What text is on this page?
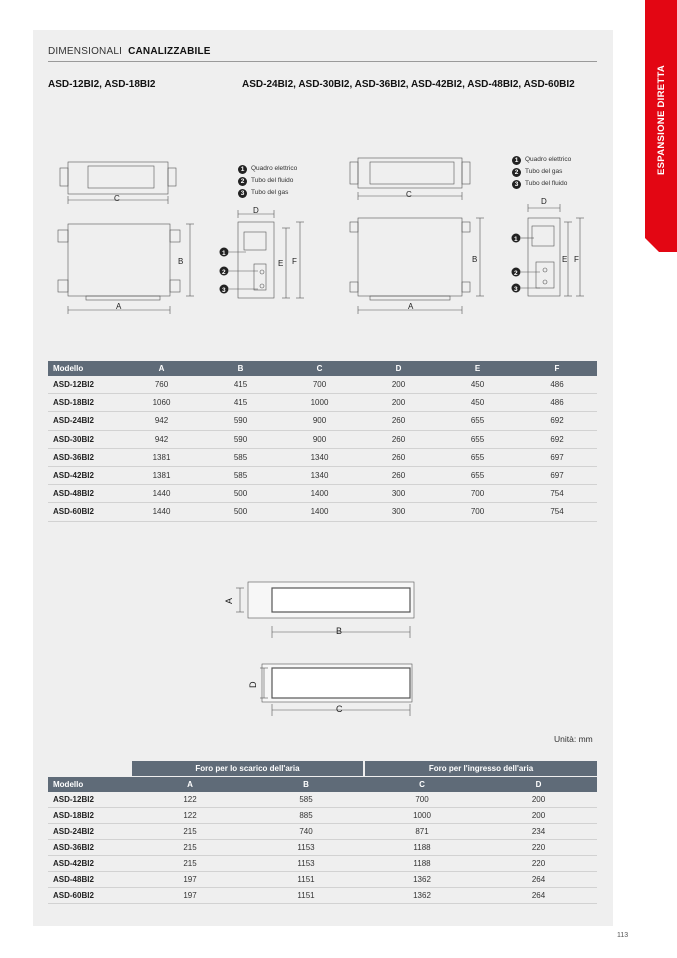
ESPANSIONE DIRETTA
DIMENSIONALI CANALIZZABILE
ASD-12BI2, ASD-18BI2	ASD-24BI2, ASD-30BI2, ASD-36BI2, ASD-42BI2, ASD-48BI2, ASD-60BI2
C
B
A
D
E F
C
B
A
D
E F
1
2
3
1
2
3
1	Quadro elettrico
2	Tubo del fluido
3	Tubo del gas
1	Quadro elettrico
2	Tubo del gas
3	Tubo del fluido
Modello	A	B	C	D	E	F
ASD-12BI2	760	415	700	200	450	486
ASD-18BI2	1060	415	1000	200	450	486
ASD-24BI2	942	590	900	260	655	692
ASD-30BI2	942	590	900	260	655	692
ASD-36BI2	1381	585	1340	260	655	697
ASD-42BI2	1381	585	1340	260	655	697
ASD-48BI2	1440	500	1400	300	700	754
ASD-60BI2	1440	500	1400	300	700	754
A
B
D
C
Unità: mm
	Foro per lo scarico dell'aria		Foro per l'ingresso dell'aria	
Modello	A	B	C	D
ASD-12BI2	122	585	700	200
ASD-18BI2	122	885	1000	200
ASD-24BI2	215	740	871	234
ASD-36BI2	215	1153	1188	220
ASD-42BI2	215	1153	1188	220
ASD-48BI2	197	1151	1362	264
ASD-60BI2	197	1151	1362	264
113
